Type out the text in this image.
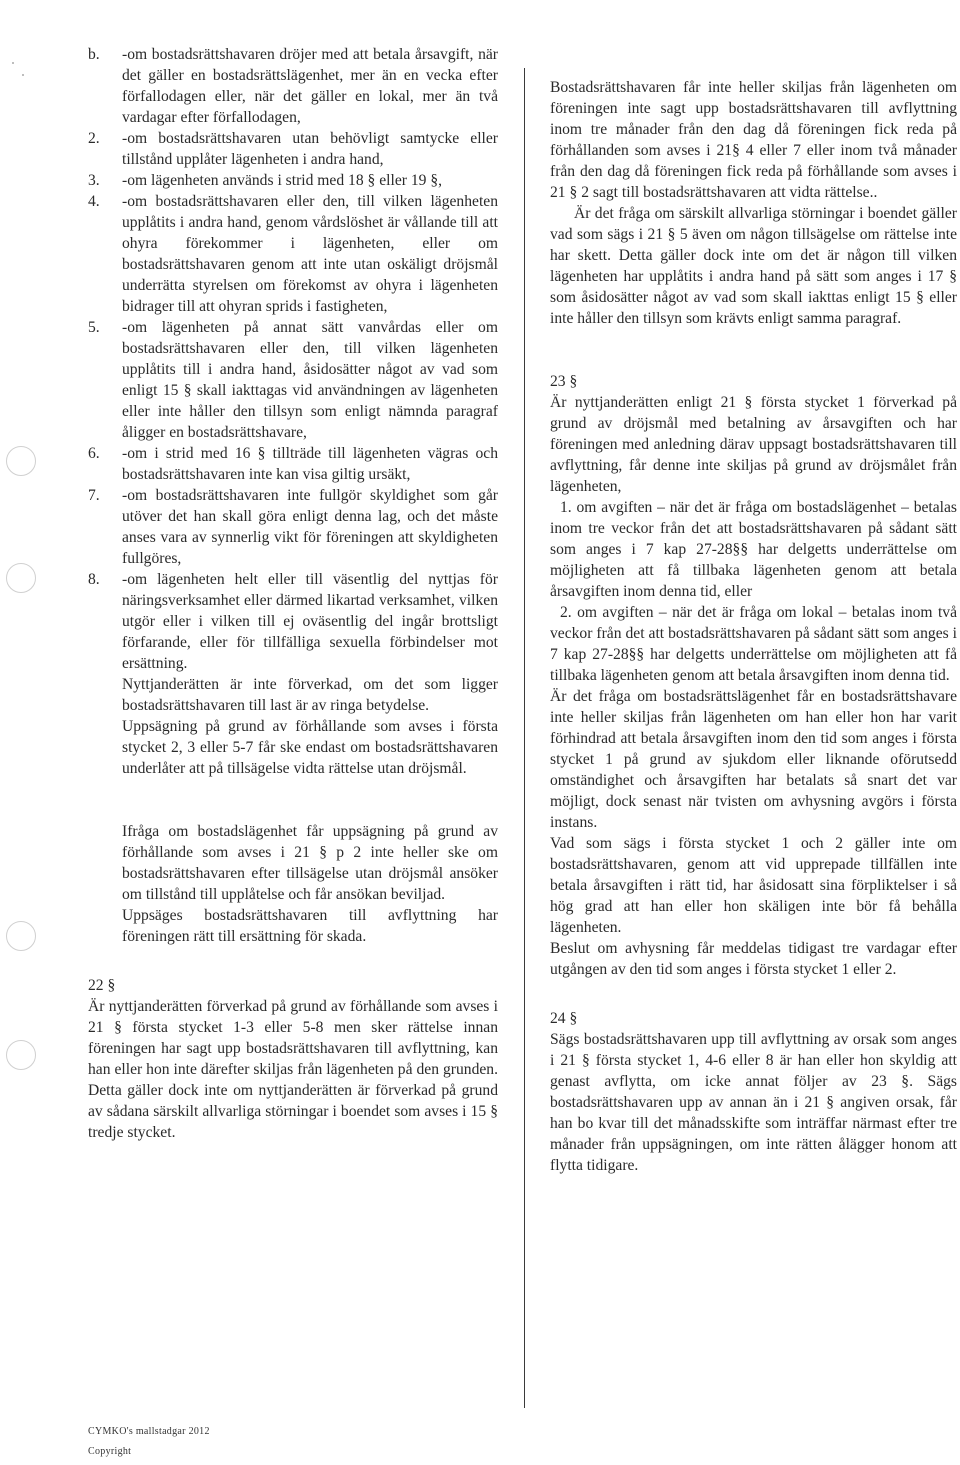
b. -om bostadsrättshavaren dröjer med att betala årsavgift, när det gäller en bostadsrättslägenhet, mer än en vecka efter förfallodagen eller, när det gäller en lokal, mer än två vardagar efter förfallodagen,
2. -om bostadsrättshavaren utan behövligt samtycke eller tillstånd upplåter lägenheten i andra hand,
3. -om lägenheten används i strid med 18 § eller 19 §,
4. -om bostadsrättshavaren eller den, till vilken lägenheten upplåtits i andra hand, genom vårdslöshet är vållande till att ohyra förekommer i lägenheten, eller om bostadsrättshavaren genom att inte utan oskäligt dröjsmål underrätta styrelsen om förekomst av ohyra i lägenheten bidrager till att ohyran sprids i fastigheten,
5. -om lägenheten på annat sätt vanvårdas eller om bostadsrättshavaren eller den, till vilken lägenheten upplåtits till i andra hand, åsidosätter något av vad som enligt 15 § skall iakttagas vid användningen av lägenheten eller inte håller den tillsyn som enligt nämnda paragraf åligger en bostadsrättshavare,
6. -om i strid med 16 § tillträde till lägenheten vägras och bostadsrättshavaren inte kan visa giltig ursäkt,
7. -om bostadsrättshavaren inte fullgör skyldighet som går utöver det han skall göra enligt denna lag, och det måste anses vara av synnerlig vikt för föreningen att skyldigheten fullgöres,
8. -om lägenheten helt eller till väsentlig del nyttjas för näringsverksamhet eller därmed likartad verksamhet, vilken utgör eller i vilken till ej oväsentlig del ingår brottsligt förfarande, eller för tillfälliga sexuella förbindelser mot ersättning.

Nyttjanderätten är inte förverkad, om det som ligger bostadsrättshavaren till last är av ringa betydelse.

Uppsägning på grund av förhållande som avses i första stycket 2, 3 eller 5-7 får ske endast om bostadsrättshavaren underlåter att på tillsägelse vidta rättelse utan dröjsmål.

Ifråga om bostadslägenhet får uppsägning på grund av förhållande som avses i 21 § p 2 inte heller ske om bostadsrättshavaren efter tillsägelse utan dröjsmål ansöker om tillstånd till upplåtelse och får ansökan beviljad.

Uppsäges bostadsrättshavaren till avflyttning har föreningen rätt till ersättning för skada.

22 §

Är nyttjanderätten förverkad på grund av förhållande som avses i 21 § första stycket 1-3 eller 5-8 men sker rättelse innan föreningen har sagt upp bostadsrättshavaren till avflyttning, kan han eller hon inte därefter skiljas från lägenheten på den grunden. Detta gäller dock inte om nyttjanderätten är förverkad på grund av sådana särskilt allvarliga störningar i boendet som avses i 15 § tredje stycket.

Bostadsrättshavaren får inte heller skiljas från lägenheten om föreningen inte sagt upp bostadsrättshavaren till avflyttning inom tre månader från den dag då föreningen fick reda på förhållanden som avses i 21§ 4 eller 7 eller inom två månader från den dag då föreningen fick reda på förhållande som avses i 21 § 2 sagt till bostadsrättshavaren att vidta rättelse..

Är det fråga om särskilt allvarliga störningar i boendet gäller vad som sägs i 21 § 5 även om någon tillsägelse om rättelse inte har skett. Detta gäller dock inte om det är någon till vilken lägenheten har upplåtits i andra hand på sätt som anges i 17 § som åsidosätter något av vad som skall iakttas enligt 15 § eller inte håller den tillsyn som krävts enligt samma paragraf.

23 §

Är nyttjanderätten enligt 21 § första stycket 1 förverkad på grund av dröjsmål med betalning av årsavgiften och har föreningen med anledning därav uppsagt bostadsrättshavaren till avflyttning, får denne inte skiljas på grund av dröjsmålet från lägenheten,

1. om avgiften – när det är fråga om bostadslägenhet – betalas inom tre veckor från det att bostadsrättshavaren på sådant sätt som anges i 7 kap 27-28§§ har delgetts underrättelse om möjligheten att få tillbaka lägenheten genom att betala årsavgiften inom denna tid, eller

2. om avgiften – när det är fråga om lokal – betalas inom två veckor från det att bostadsrättshavaren på sådant sätt som anges i 7 kap 27-28§§ har delgetts underrättelse om möjligheten att få tillbaka lägenheten genom att betala årsavgiften inom denna tid.

Är det fråga om bostadsrättslägenhet får en bostadsrättshavare inte heller skiljas från lägenheten om han eller hon har varit förhindrad att betala årsavgiften inom den tid som anges i första stycket 1 på grund av sjukdom eller liknande oförutsedd omständighet och årsavgiften har betalats så snart det var möjligt, dock senast när tvisten om avhysning avgörs i första instans.

Vad som sägs i första stycket 1 och 2 gäller inte om bostadsrättshavaren, genom att vid upprepade tillfällen inte betala årsavgiften i rätt tid, har åsidosatt sina förpliktelser i så hög grad att han eller hon skäligen inte bör få behålla lägenheten.

Beslut om avhysning får meddelas tidigast tre vardagar efter utgången av den tid som anges i första stycket 1 eller 2.

24 §

Sägs bostadsrättshavaren upp till avflyttning av orsak som anges i 21 § första stycket 1, 4-6 eller 8 är han eller hon skyldig att genast avflytta, om icke annat följer av 23 §. Sägs bostadsrättshavaren upp av annan än i 21 § angiven orsak, får han bo kvar till det månadsskifte som inträffar närmast efter tre månader från uppsägningen, om inte rätten ålägger honom att flytta tidigare.

CYMKO's mallstadgar 2012
Copyright
